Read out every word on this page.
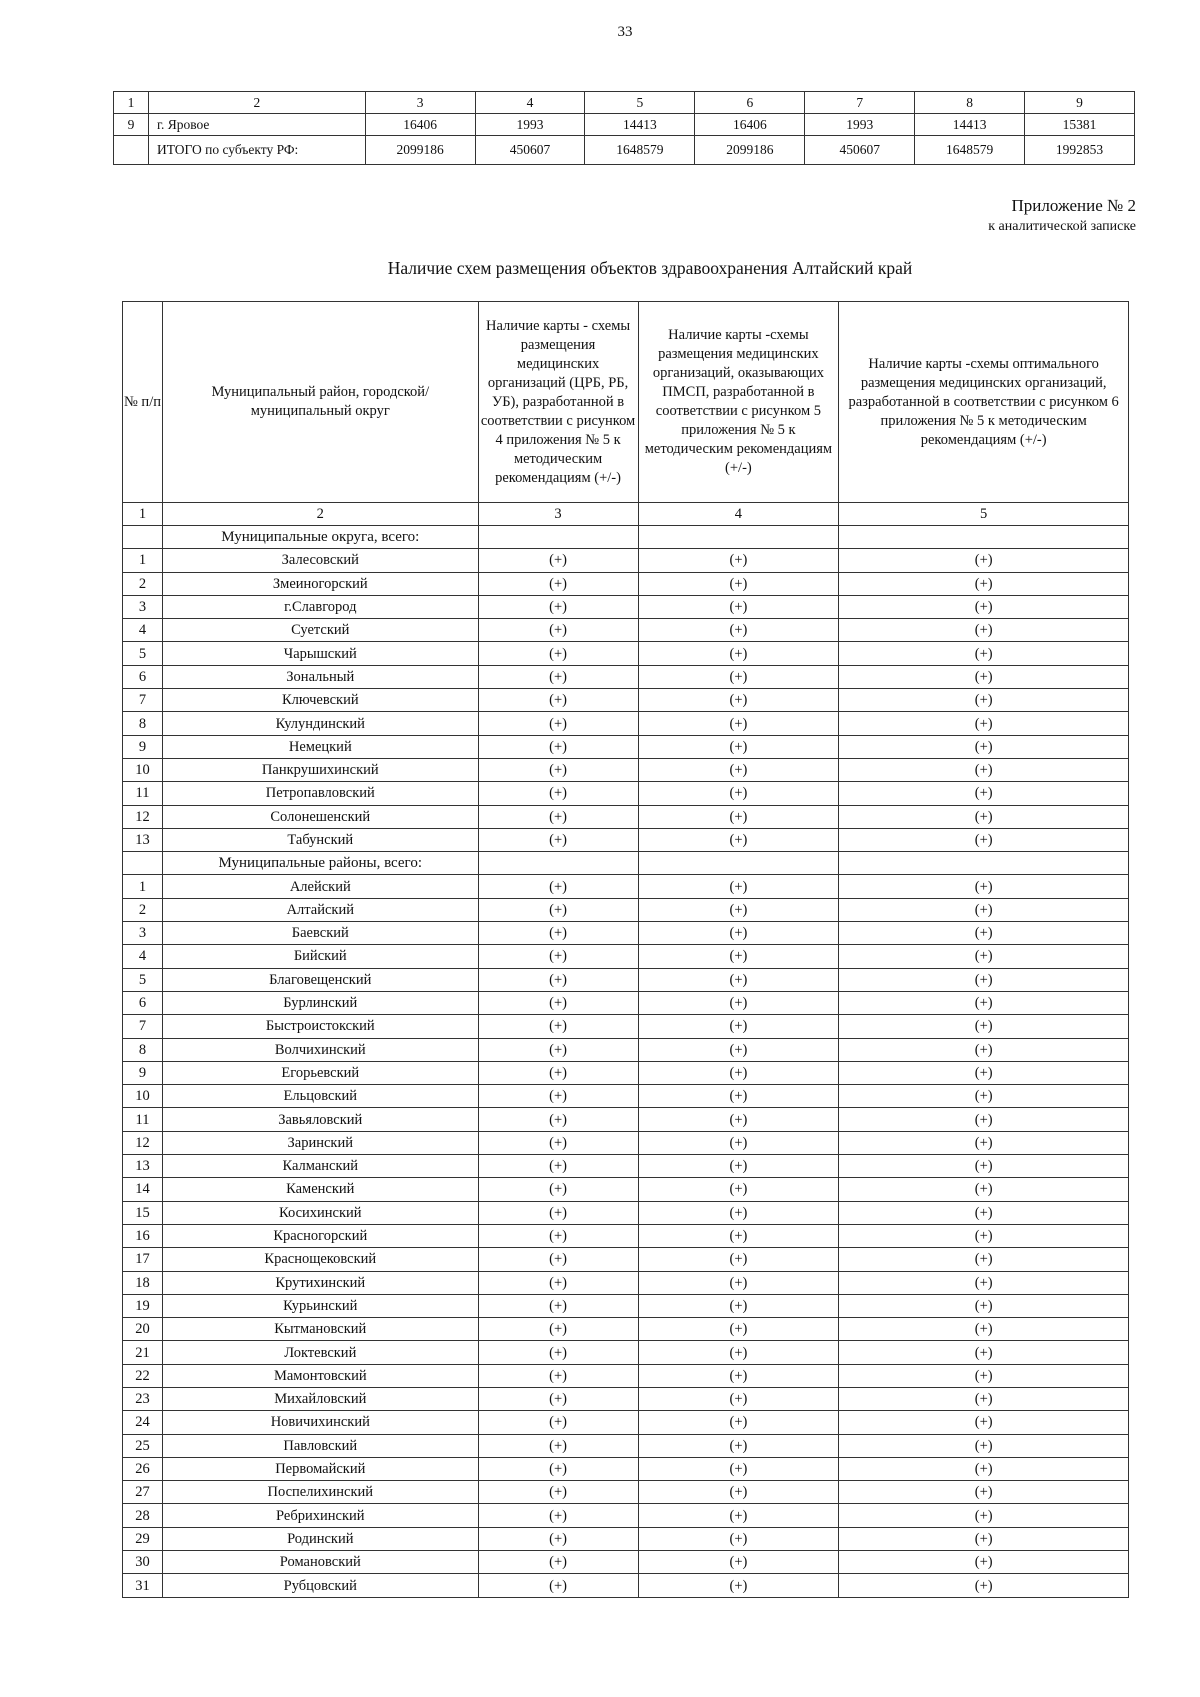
33
1	2	3	4	5	6	7	8	9
9	г. Яровое	16406	1993	14413	16406	1993	14413	15381
	ИТОГО по субъекту РФ:	2099186	450607	1648579	2099186	450607	1648579	1992853
Приложение № 2
к аналитической записке
Наличие схем размещения объектов здравоохранения Алтайский край
№ п/п	Муниципальный район, городской/муниципальный округ	Наличие карты - схемы размещения медицинских организаций (ЦРБ, РБ, УБ), разработанной в соответствии с рисунком 4 приложения № 5 к методическим рекомендациям (+/-)	Наличие карты -схемы размещения медицинских организаций, оказывающих ПМСП, разработанной в соответствии с рисунком 5 приложения № 5 к методическим рекомендациям (+/-)	Наличие карты -схемы оптимального размещения медицинских организаций, разработанной в соответствии с рисунком 6 приложения № 5 к методическим рекомендациям (+/-)
1	2	3	4	5
	Муниципальные округа, всего:			
1	Залесовский	(+)	(+)	(+)
2	Змеиногорский	(+)	(+)	(+)
3	г.Славгород	(+)	(+)	(+)
4	Суетский	(+)	(+)	(+)
5	Чарышский	(+)	(+)	(+)
6	Зональный	(+)	(+)	(+)
7	Ключевский	(+)	(+)	(+)
8	Кулундинский	(+)	(+)	(+)
9	Немецкий	(+)	(+)	(+)
10	Панкрушихинский	(+)	(+)	(+)
11	Петропавловский	(+)	(+)	(+)
12	Солонешенский	(+)	(+)	(+)
13	Табунский	(+)	(+)	(+)
	Муниципальные районы, всего:			
1	Алейский	(+)	(+)	(+)
2	Алтайский	(+)	(+)	(+)
3	Баевский	(+)	(+)	(+)
4	Бийский	(+)	(+)	(+)
5	Благовещенский	(+)	(+)	(+)
6	Бурлинский	(+)	(+)	(+)
7	Быстроистокский	(+)	(+)	(+)
8	Волчихинский	(+)	(+)	(+)
9	Егорьевский	(+)	(+)	(+)
10	Ельцовский	(+)	(+)	(+)
11	Завьяловский	(+)	(+)	(+)
12	Заринский	(+)	(+)	(+)
13	Калманский	(+)	(+)	(+)
14	Каменский	(+)	(+)	(+)
15	Косихинский	(+)	(+)	(+)
16	Красногорский	(+)	(+)	(+)
17	Краснощековский	(+)	(+)	(+)
18	Крутихинский	(+)	(+)	(+)
19	Курьинский	(+)	(+)	(+)
20	Кытмановский	(+)	(+)	(+)
21	Локтевский	(+)	(+)	(+)
22	Мамонтовский	(+)	(+)	(+)
23	Михайловский	(+)	(+)	(+)
24	Новичихинский	(+)	(+)	(+)
25	Павловский	(+)	(+)	(+)
26	Первомайский	(+)	(+)	(+)
27	Поспелихинский	(+)	(+)	(+)
28	Ребрихинский	(+)	(+)	(+)
29	Родинский	(+)	(+)	(+)
30	Романовский	(+)	(+)	(+)
31	Рубцовский	(+)	(+)	(+)
